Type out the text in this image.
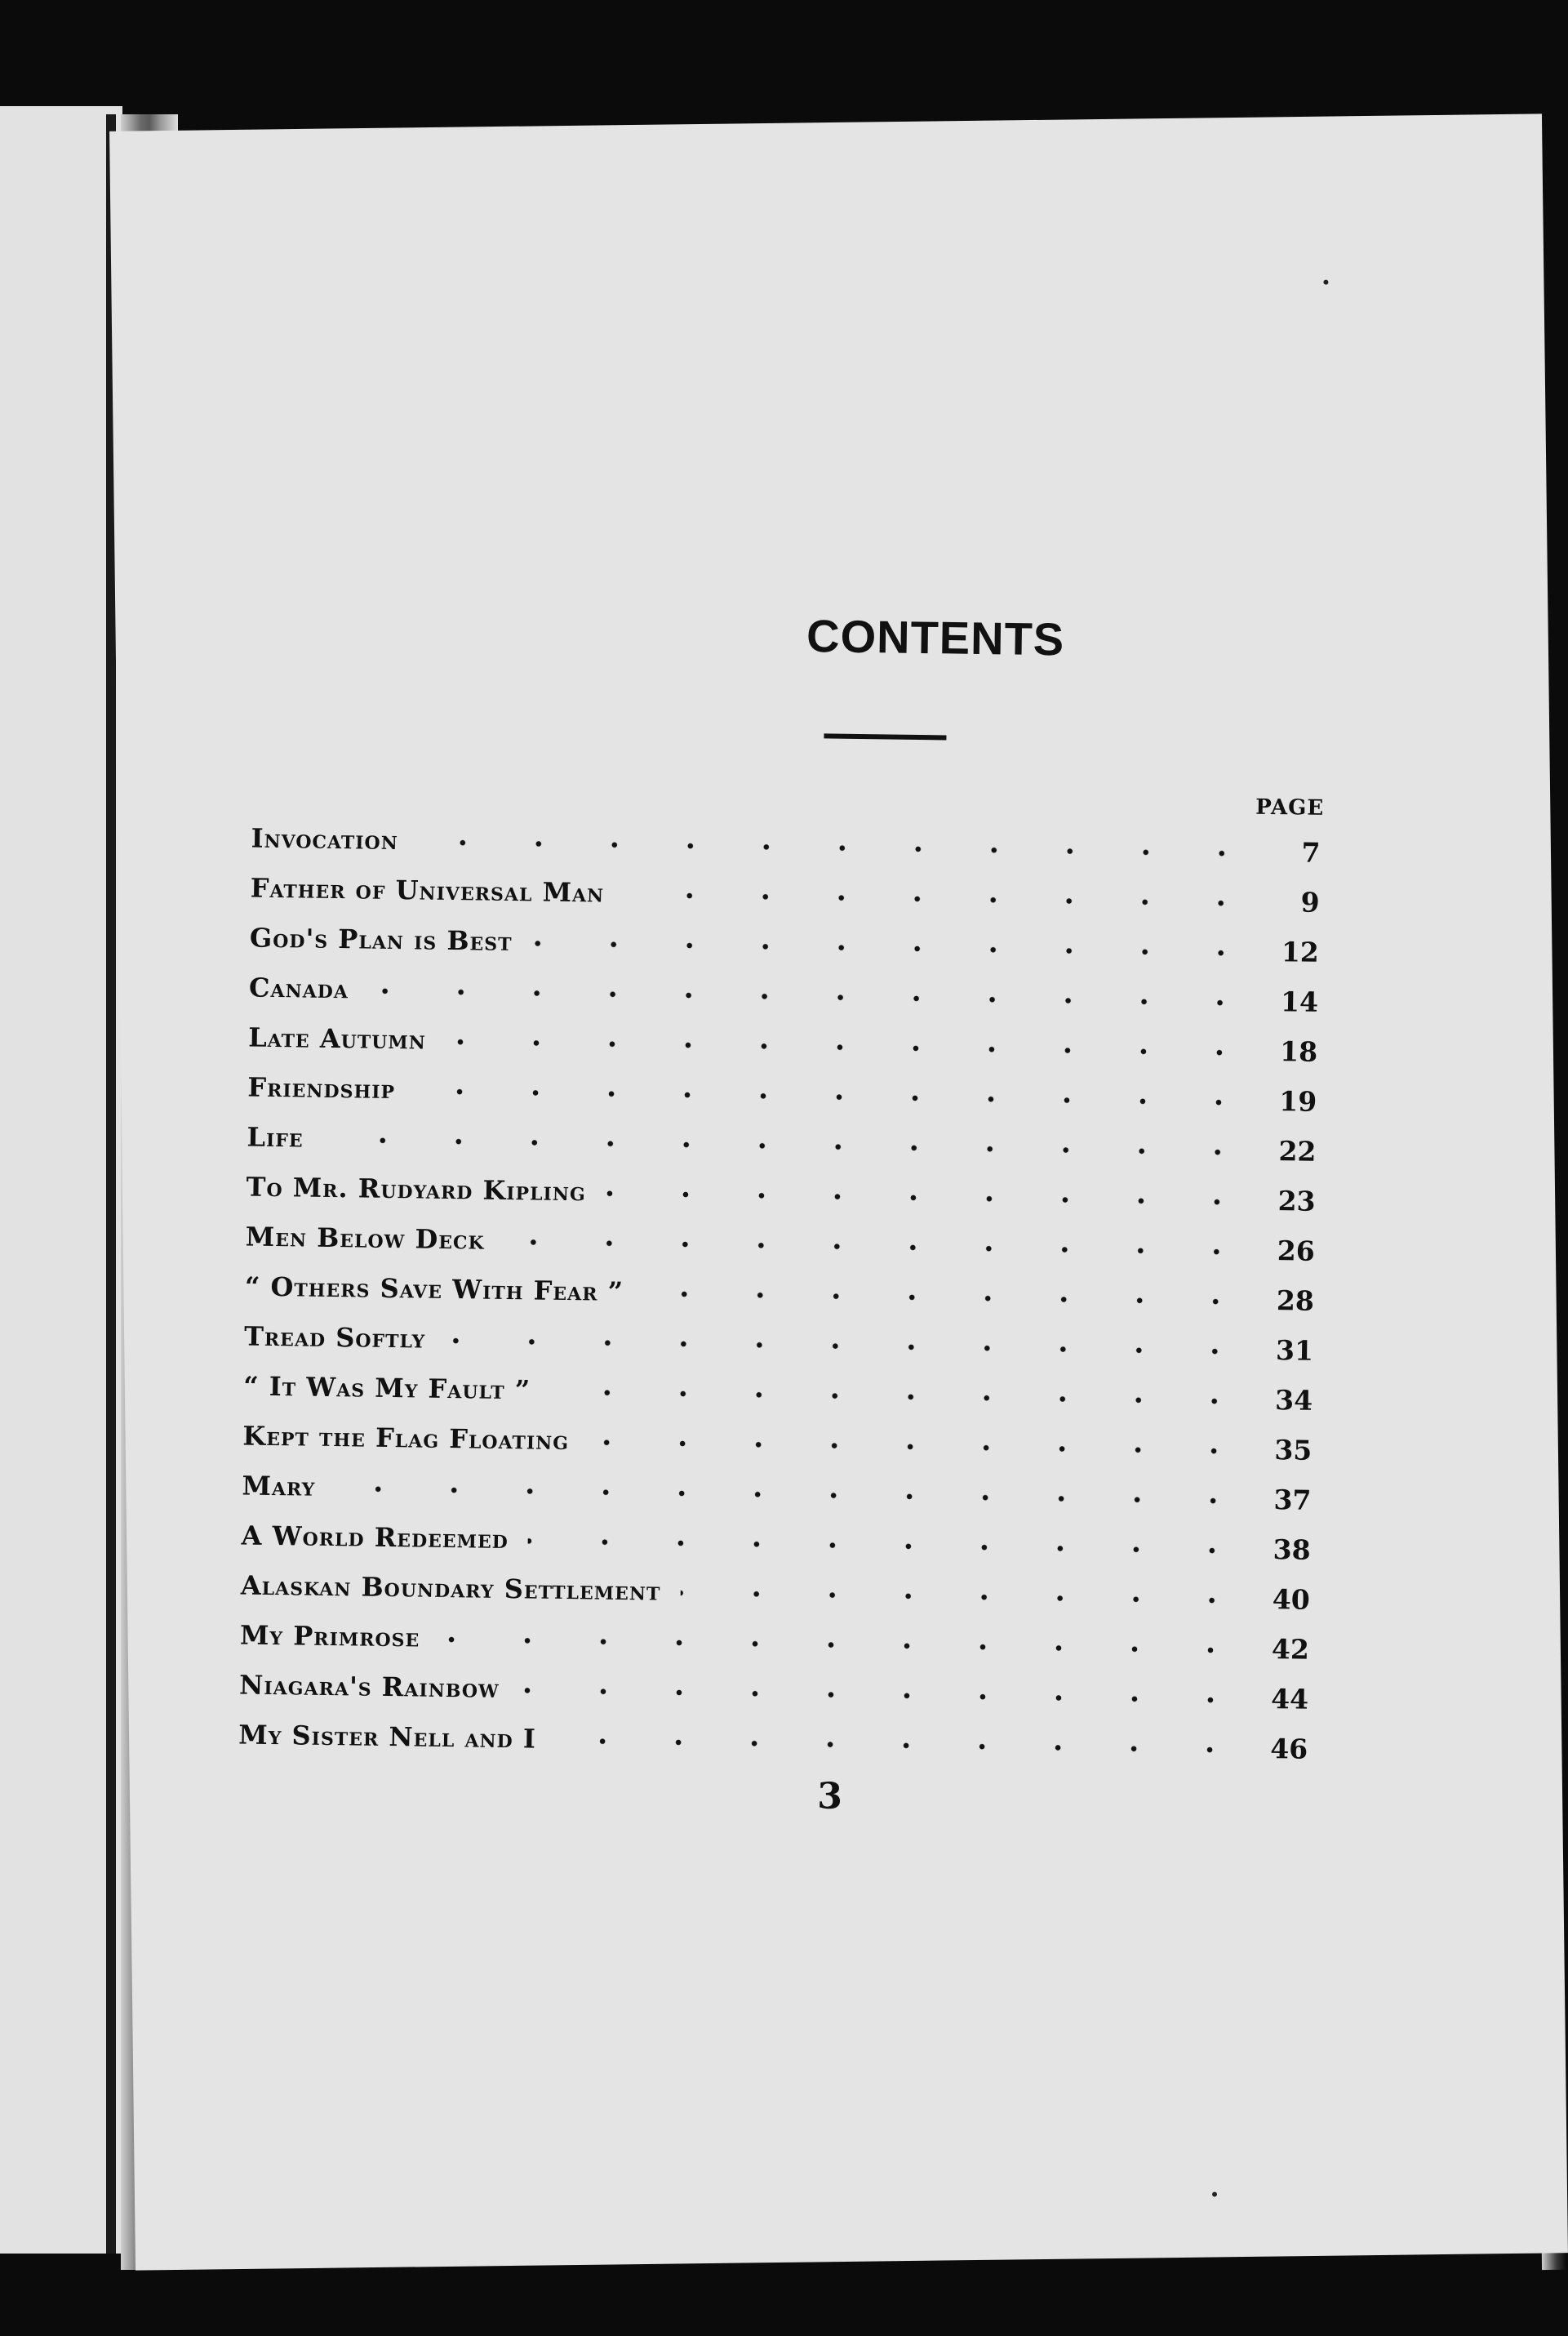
CONTENTS
PAGE
Invocation	7
Father of Universal Man	9
God's Plan is Best	12
Canada	14
Late Autumn	18
Friendship	19
Life	22
To Mr. Rudyard Kipling	23
Men Below Deck	26
“ Others Save With Fear ”	28
Tread Softly	31
“ It Was My Fault ”	34
Kept the Flag Floating	35
Mary	37
A World Redeemed	38
Alaskan Boundary Settlement	40
My Primrose	42
Niagara's Rainbow	44
My Sister Nell and I	46
3
